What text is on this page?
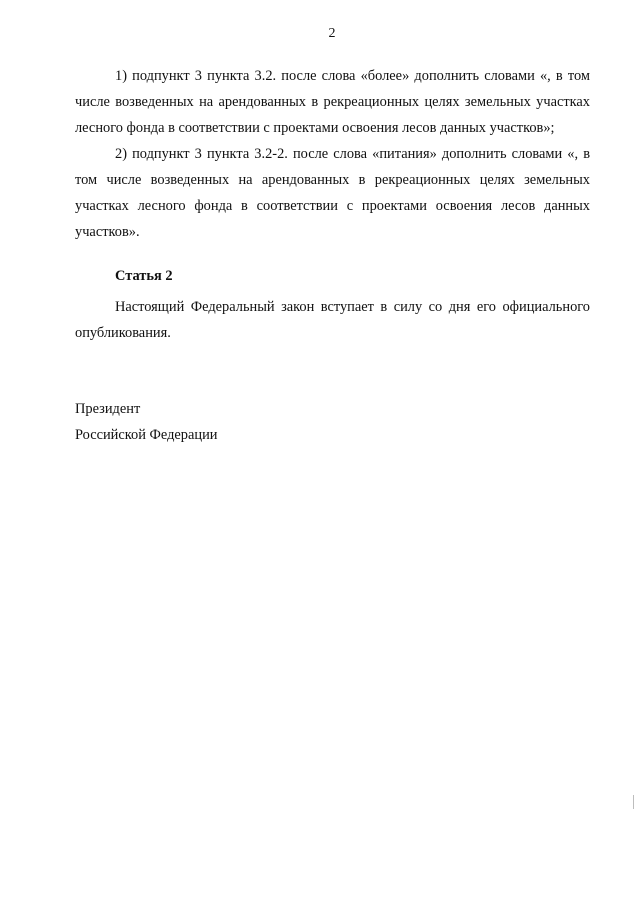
2

1) подпункт 3 пункта 3.2. после слова «более» дополнить словами «, в том числе возведенных на арендованных в рекреационных целях земельных участках лесного фонда в соответствии с проектами освоения лесов данных участков»;

2) подпункт 3 пункта 3.2-2. после слова «питания» дополнить словами «, в том числе возведенных на арендованных в рекреационных целях земельных участках лесного фонда в соответствии с проектами освоения лесов данных участков».

Статья 2

Настоящий Федеральный закон вступает в силу со дня его официального опубликования.

Президент
Российской Федерации
